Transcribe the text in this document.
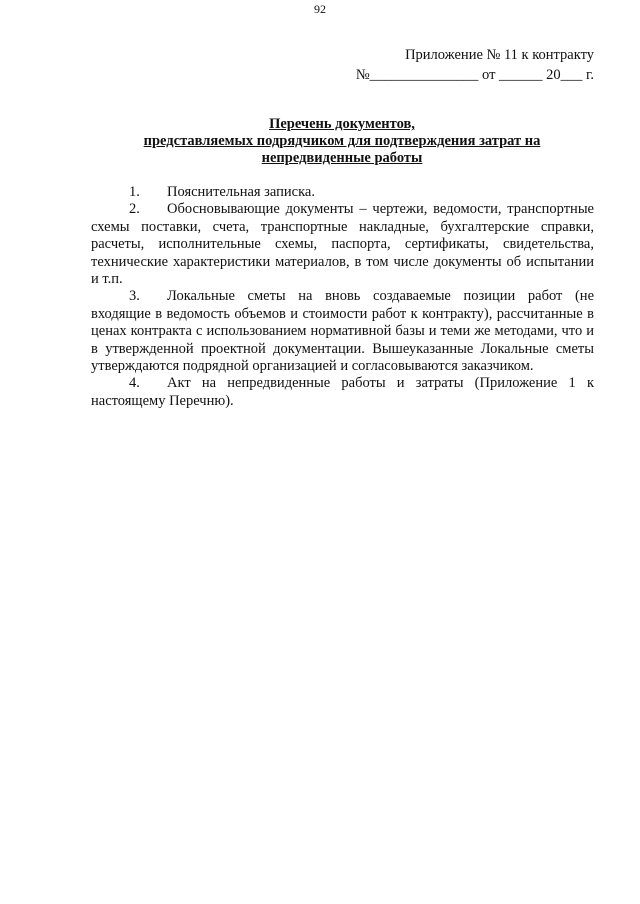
92
Приложение № 11 к контракту
№_______________ от ______ 20___ г.
Перечень документов,
представляемых подрядчиком для подтверждения затрат на
непредвиденные работы

1. Пояснительная записка.

2. Обосновывающие документы – чертежи, ведомости, транспортные схемы поставки, счета, транспортные накладные, бухгалтерские справки, расчеты, исполнительные схемы, паспорта, сертификаты, свидетельства, технические характеристики материалов, в том числе документы об испытании и т.п.

3. Локальные сметы на вновь создаваемые позиции работ (не входящие в ведомость объемов и стоимости работ к контракту), рассчитанные в ценах контракта с использованием нормативной базы и теми же методами, что и в утвержденной проектной документации. Вышеуказанные Локальные сметы утверждаются подрядной организацией и согласовываются заказчиком.

4. Акт на непредвиденные работы и затраты (Приложение 1 к настоящему Перечню).
